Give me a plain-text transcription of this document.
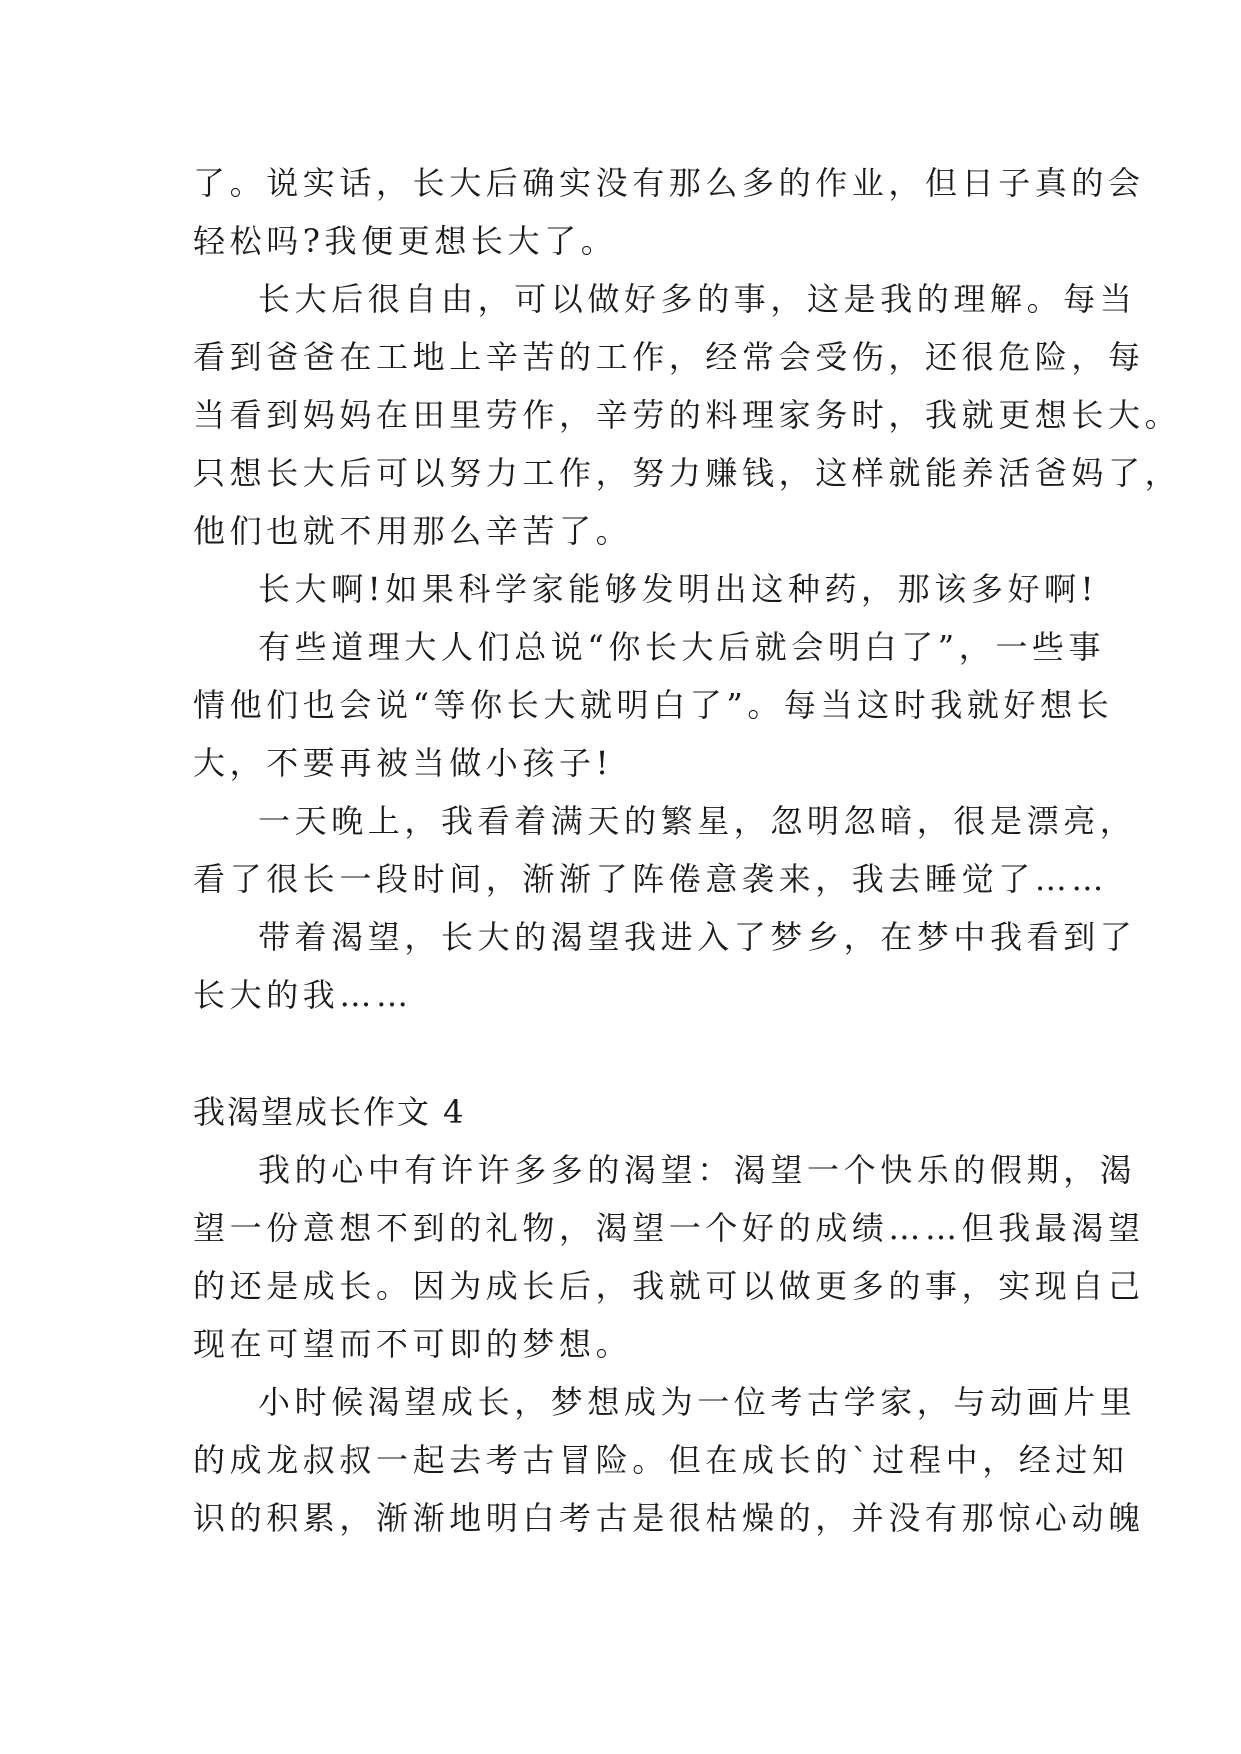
了。说实话，长大后确实没有那么多的作业，但日子真的会
轻松吗?我便更想长大了。
长大后很自由，可以做好多的事，这是我的理解。每当
看到爸爸在工地上辛苦的工作，经常会受伤，还很危险，每
当看到妈妈在田里劳作，辛劳的料理家务时，我就更想长大。
只想长大后可以努力工作，努力赚钱，这样就能养活爸妈了，
他们也就不用那么辛苦了。
长大啊!如果科学家能够发明出这种药，那该多好啊!
有些道理大人们总说“你长大后就会明白了”，一些事
情他们也会说“等你长大就明白了”。每当这时我就好想长
大，不要再被当做小孩子!
一天晚上，我看着满天的繁星，忽明忽暗，很是漂亮，
看了很长一段时间，渐渐了阵倦意袭来，我去睡觉了……
带着渴望，长大的渴望我进入了梦乡，在梦中我看到了
长大的我……
我渴望成长作文 4
我的心中有许许多多的渴望：渴望一个快乐的假期，渴
望一份意想不到的礼物，渴望一个好的成绩……但我最渴望
的还是成长。因为成长后，我就可以做更多的事，实现自己
现在可望而不可即的梦想。
小时候渴望成长，梦想成为一位考古学家，与动画片里
的成龙叔叔一起去考古冒险。但在成长的`过程中，经过知
识的积累，渐渐地明白考古是很枯燥的，并没有那惊心动魄
